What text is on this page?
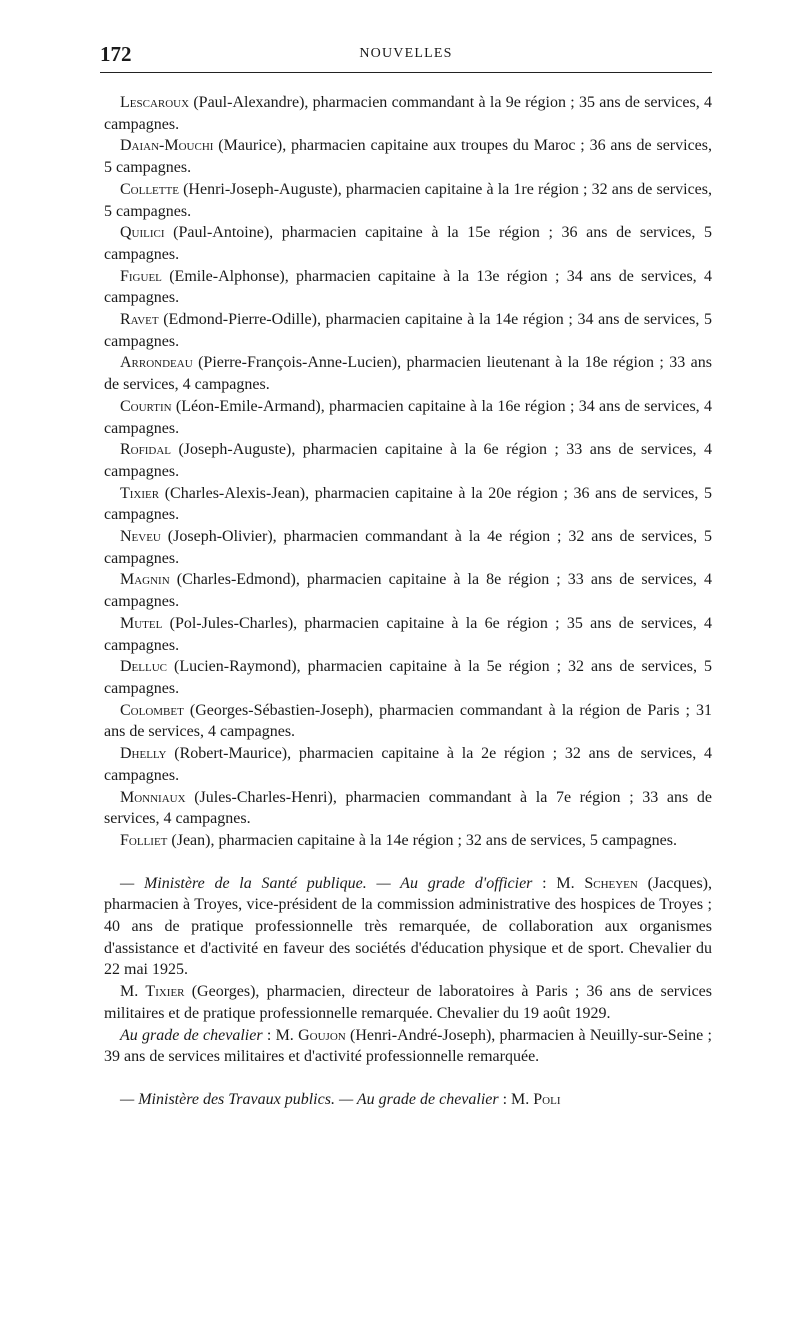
172	NOUVELLES

Lescaroux (Paul-Alexandre), pharmacien commandant à la 9e région ; 35 ans de services, 4 campagnes.

Daian-Mouchi (Maurice), pharmacien capitaine aux troupes du Maroc ; 36 ans de services, 5 campagnes.

Collette (Henri-Joseph-Auguste), pharmacien capitaine à la 1re région ; 32 ans de services, 5 campagnes.

Quilici (Paul-Antoine), pharmacien capitaine à la 15e région ; 36 ans de services, 5 campagnes.

Figuel (Emile-Alphonse), pharmacien capitaine à la 13e région ; 34 ans de services, 4 campagnes.

Ravet (Edmond-Pierre-Odille), pharmacien capitaine à la 14e région ; 34 ans de services, 5 campagnes.

Arrondeau (Pierre-François-Anne-Lucien), pharmacien lieutenant à la 18e région ; 33 ans de services, 4 campagnes.

Courtin (Léon-Emile-Armand), pharmacien capitaine à la 16e région ; 34 ans de services, 4 campagnes.

Rofidal (Joseph-Auguste), pharmacien capitaine à la 6e région ; 33 ans de services, 4 campagnes.

Tixier (Charles-Alexis-Jean), pharmacien capitaine à la 20e région ; 36 ans de services, 5 campagnes.

Neveu (Joseph-Olivier), pharmacien commandant à la 4e région ; 32 ans de services, 5 campagnes.

Magnin (Charles-Edmond), pharmacien capitaine à la 8e région ; 33 ans de services, 4 campagnes.

Mutel (Pol-Jules-Charles), pharmacien capitaine à la 6e région ; 35 ans de services, 4 campagnes.

Delluc (Lucien-Raymond), pharmacien capitaine à la 5e région ; 32 ans de services, 5 campagnes.

Colombet (Georges-Sébastien-Joseph), pharmacien commandant à la région de Paris ; 31 ans de services, 4 campagnes.

Dhelly (Robert-Maurice), pharmacien capitaine à la 2e région ; 32 ans de services, 4 campagnes.

Monniaux (Jules-Charles-Henri), pharmacien commandant à la 7e région ; 33 ans de services, 4 campagnes.

Folliet (Jean), pharmacien capitaine à la 14e région ; 32 ans de services, 5 campagnes.

— Ministère de la Santé publique. — Au grade d'officier : M. Scheyen (Jacques), pharmacien à Troyes, vice-président de la commission administrative des hospices de Troyes ; 40 ans de pratique professionnelle très remarquée, de collaboration aux organismes d'assistance et d'activité en faveur des sociétés d'éducation physique et de sport. Chevalier du 22 mai 1925.

M. Tixier (Georges), pharmacien, directeur de laboratoires à Paris ; 36 ans de services militaires et de pratique professionnelle remarquée. Chevalier du 19 août 1929.

Au grade de chevalier : M. Goujon (Henri-André-Joseph), pharmacien à Neuilly-sur-Seine ; 39 ans de services militaires et d'activité professionnelle remarquée.

— Ministère des Travaux publics. — Au grade de chevalier : M. Poli
